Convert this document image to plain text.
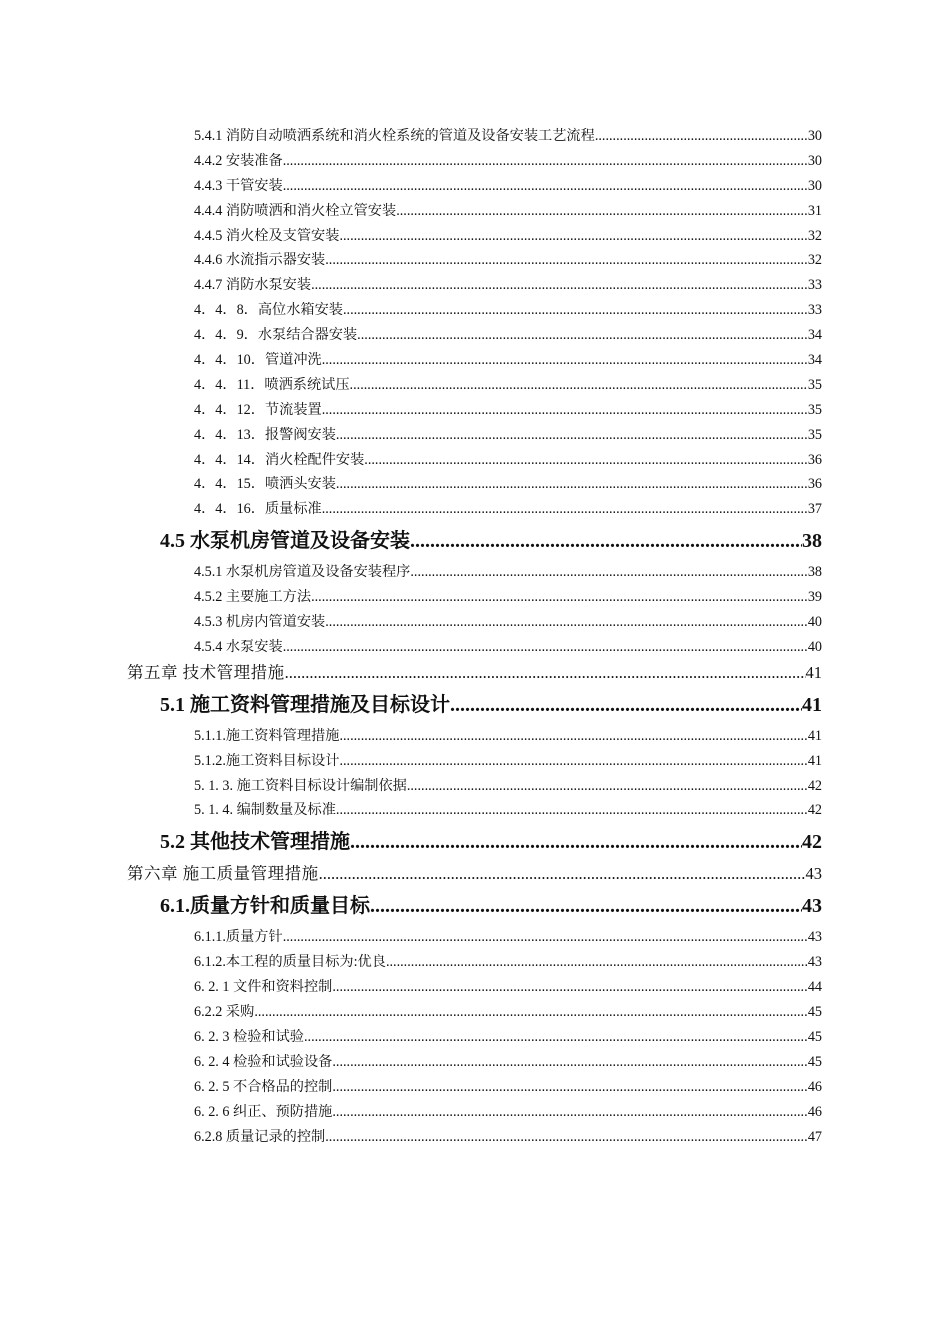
5.4.1 消防自动喷洒系统和消火栓系统的管道及设备安装工艺流程 .....	30
4.4.2 安装准备 .....	30
4.4.3 干管安装 .....	30
4.4.4 消防喷洒和消火栓立管安装 .....	31
4.4.5 消火栓及支管安装 .....	32
4.4.6 水流指示器安装 .....	32
4.4.7 消防水泵安装 .....	33
4．4．8．高位水箱安装 .....	33
4．4．9．水泵结合器安装 .....	34
4．4．10．管道冲洗 .....	34
4．4．11．喷洒系统试压 .....	35
4．4．12．节流装置 .....	35
4．4．13．报警阀安装 .....	35
4．4．14．消火栓配件安装 .....	36
4．4．15．喷洒头安装 .....	36
4．4．16．质量标准 .....	37
4.5 水泵机房管道及设备安装 .....	38
4.5.1 水泵机房管道及设备安装程序 .....	38
4.5.2 主要施工方法 .....	39
4.5.3 机房内管道安装 .....	40
4.5.4 水泵安装 .....	40
第五章 技术管理措施 .....	41
5.1 施工资料管理措施及目标设计 .....	41
5.1.1.施工资料管理措施 .....	41
5.1.2.施工资料目标设计 .....	41
5. 1. 3. 施工资料目标设计编制依据 .....	42
5. 1. 4. 编制数量及标准 .....	42
5.2 其他技术管理措施 .....	42
第六章 施工质量管理措施 .....	43
6.1.质量方针和质量目标 .....	43
6.1.1.质量方针 .....	43
6.1.2.本工程的质量目标为:优良 .....	43
6. 2. 1 文件和资料控制 .....	44
6.2.2 采购 .....	45
6. 2. 3 检验和试验 .....	45
6. 2. 4 检验和试验设备 .....	45
6. 2. 5 不合格品的控制 .....	46
6. 2. 6 纠正、预防措施 .....	46
6.2.8 质量记录的控制 .....	47
